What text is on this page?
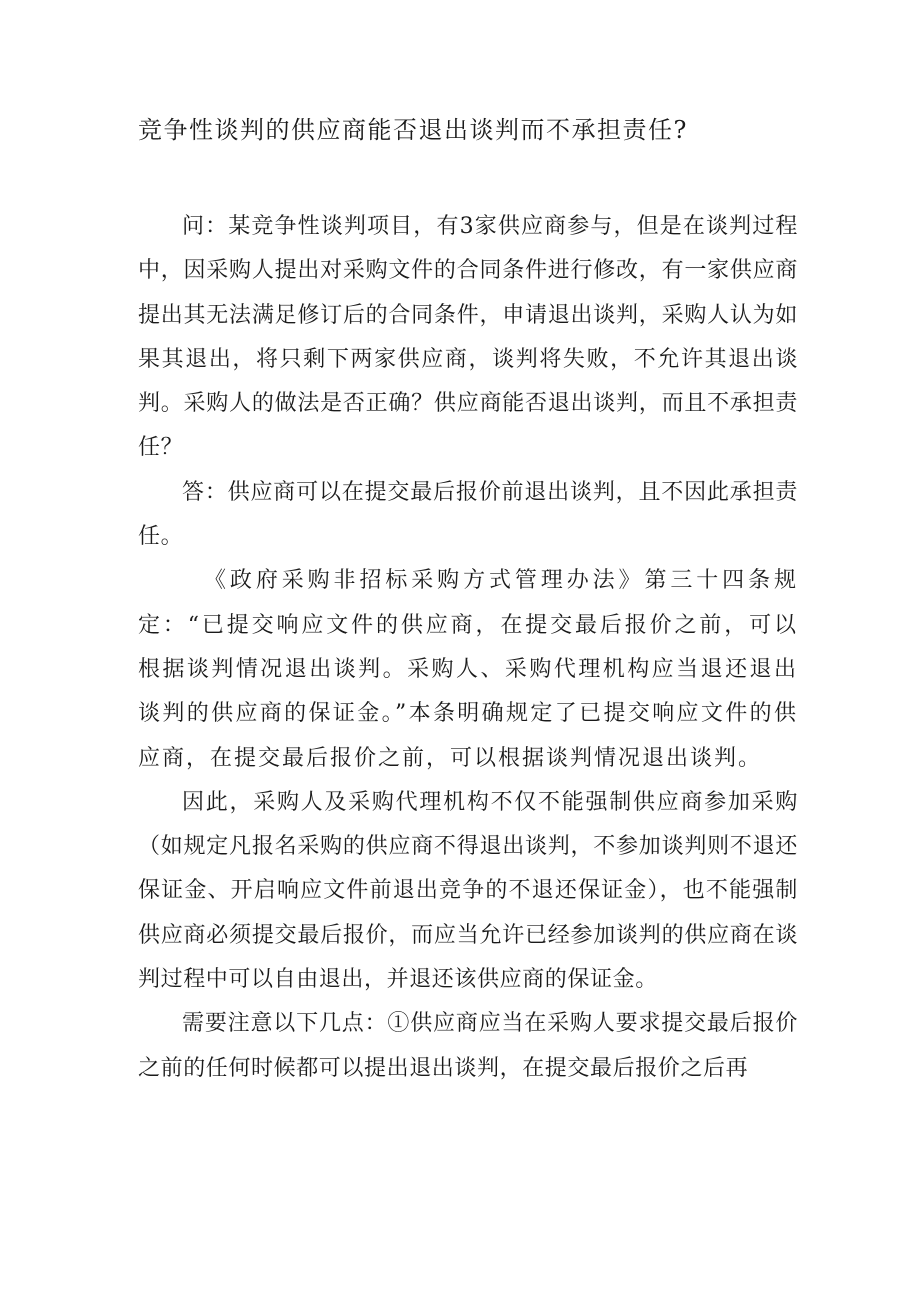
竞争性谈判的供应商能否退出谈判而不承担责任?

问：某竞争性谈判项目，有3家供应商参与，但是在谈判过程中，因采购人提出对采购文件的合同条件进行修改，有一家供应商提出其无法满足修订后的合同条件，申请退出谈判，采购人认为如果其退出，将只剩下两家供应商，谈判将失败，不允许其退出谈判。采购人的做法是否正确？供应商能否退出谈判，而且不承担责任？

答：供应商可以在提交最后报价前退出谈判，且不因此承担责任。

《政府采购非招标采购方式管理办法》第三十四条规定：“已提交响应文件的供应商，在提交最后报价之前，可以根据谈判情况退出谈判。采购人、采购代理机构应当退还退出谈判的供应商的保证金。”本条明确规定了已提交响应文件的供应商，在提交最后报价之前，可以根据谈判情况退出谈判。

因此，采购人及采购代理机构不仅不能强制供应商参加采购（如规定凡报名采购的供应商不得退出谈判，不参加谈判则不退还保证金、开启响应文件前退出竞争的不退还保证金），也不能强制供应商必须提交最后报价，而应当允许已经参加谈判的供应商在谈判过程中可以自由退出，并退还该供应商的保证金。

需要注意以下几点：①供应商应当在采购人要求提交最后报价之前的任何时候都可以提出退出谈判，在提交最后报价之后再
